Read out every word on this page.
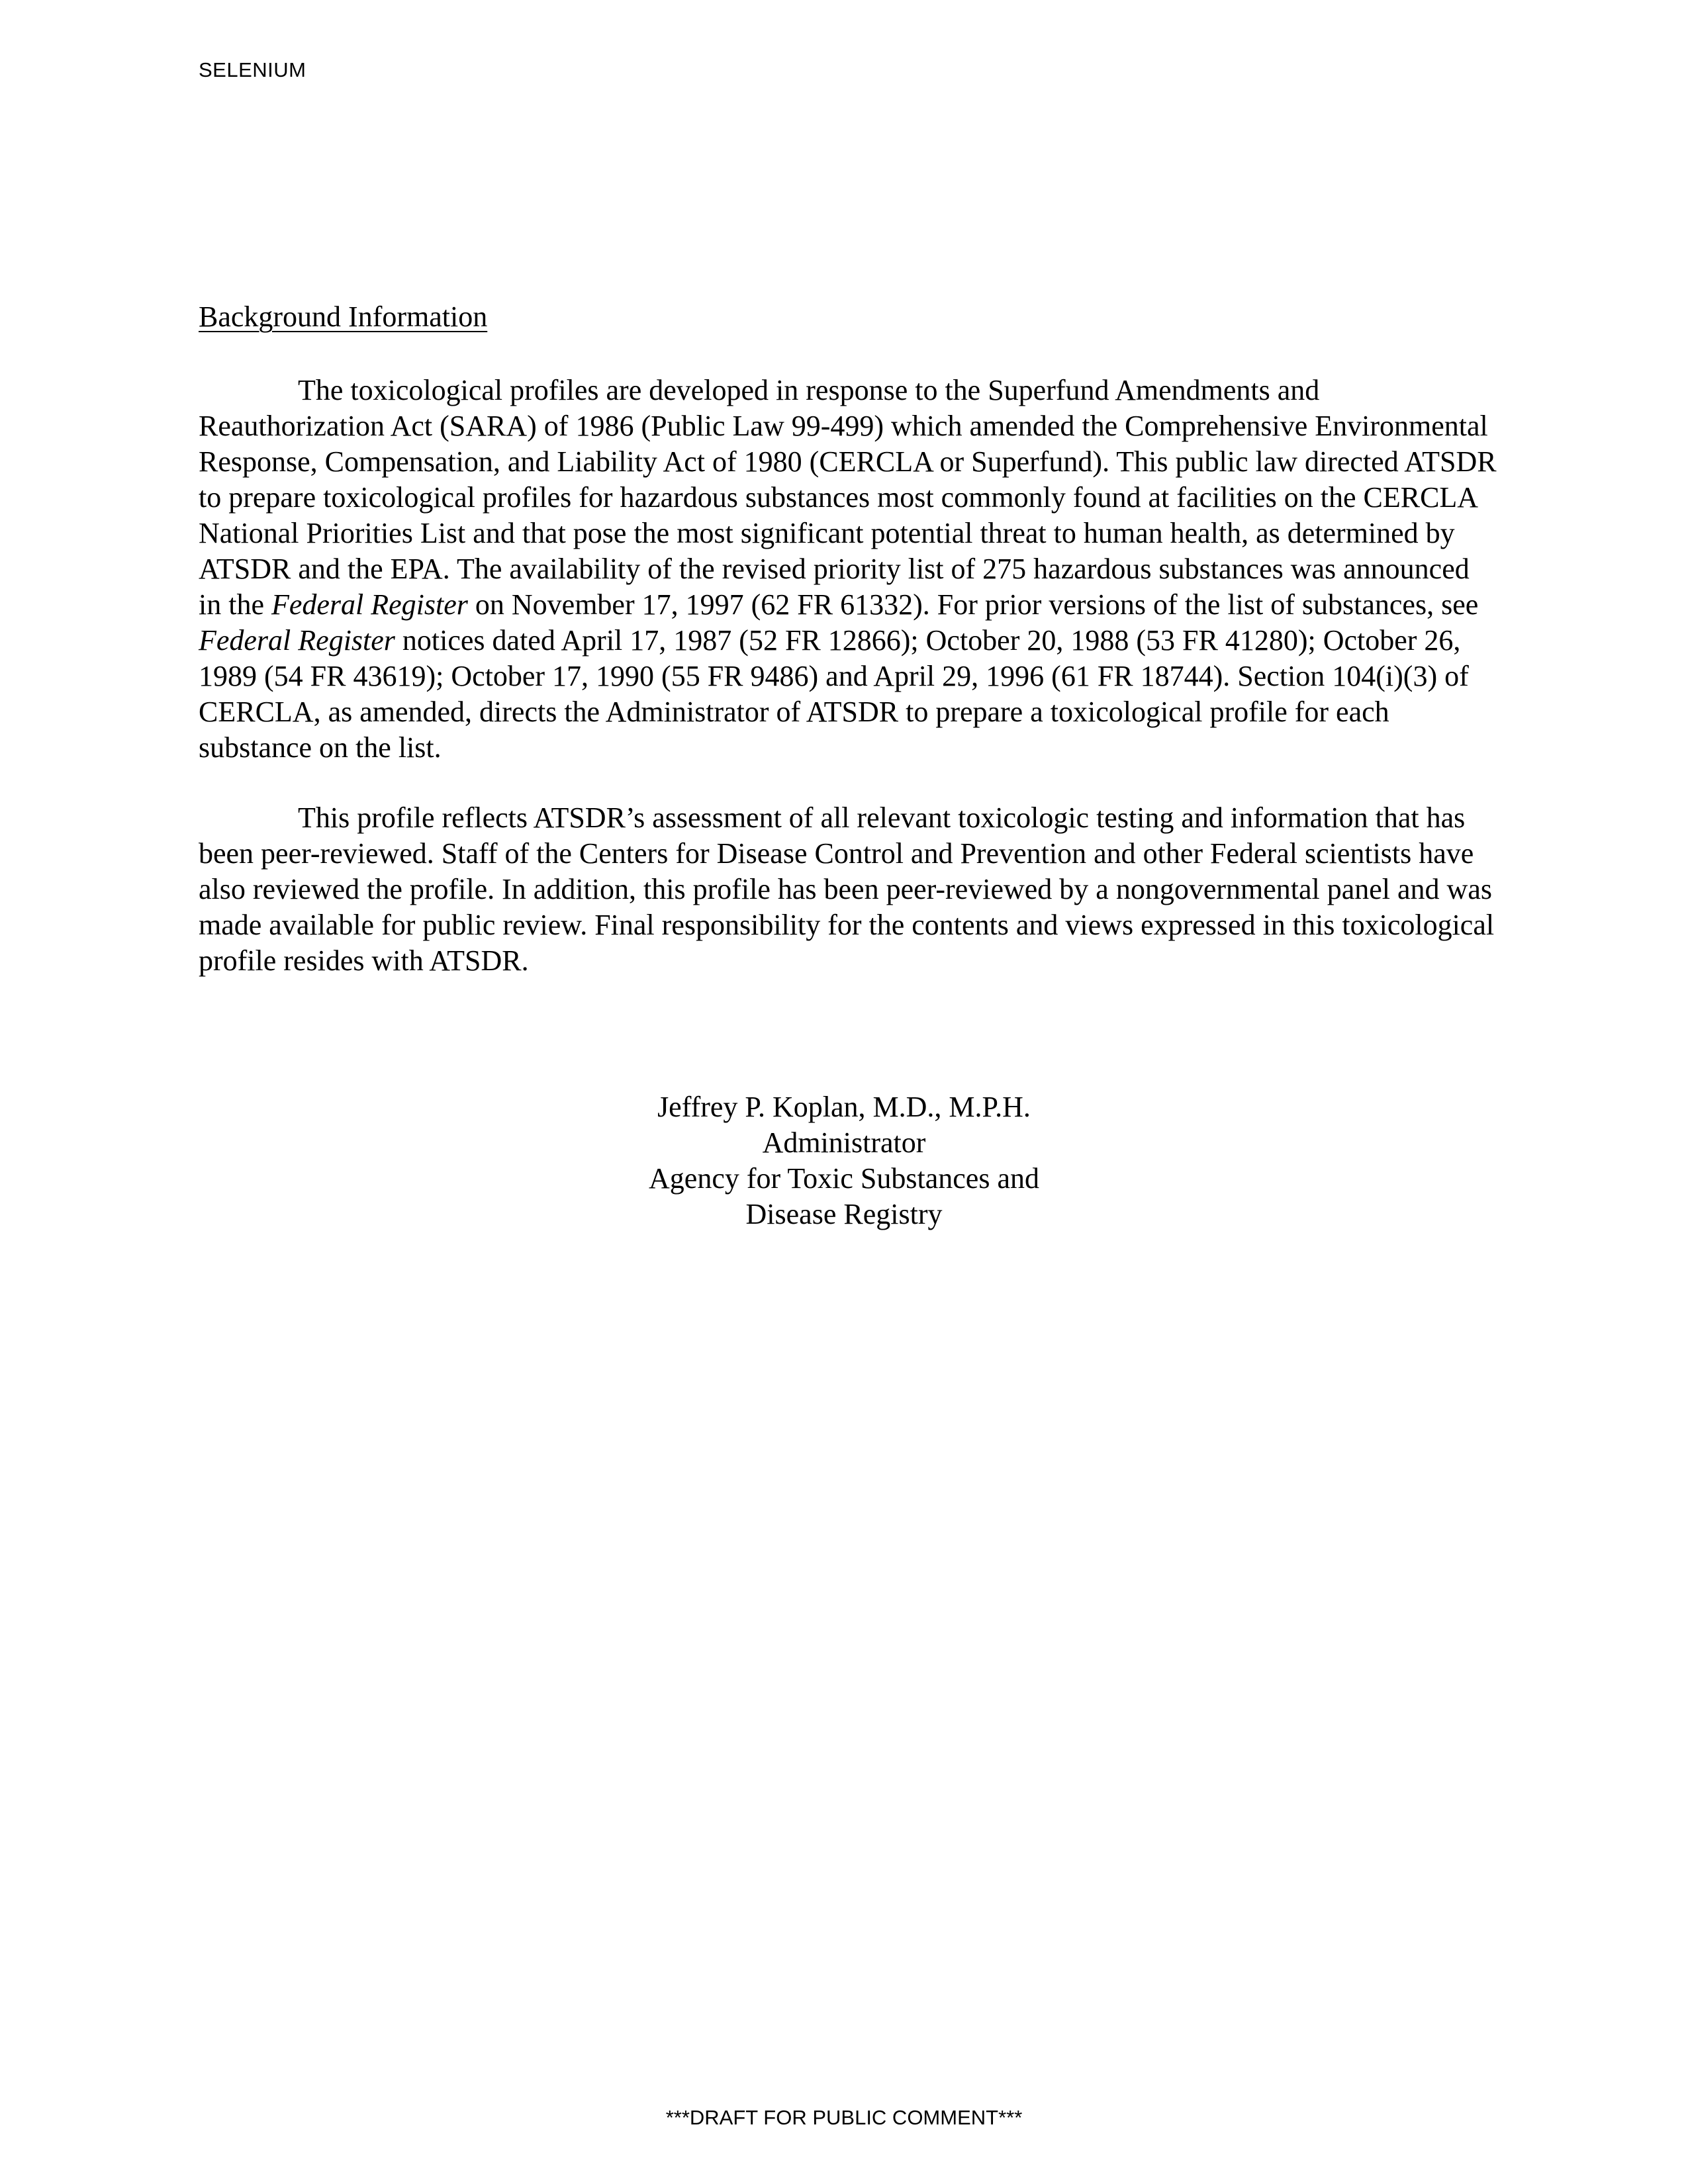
SELENIUM

Background Information

The toxicological profiles are developed in response to the Superfund Amendments and Reauthorization Act (SARA) of 1986 (Public Law 99-499) which amended the Comprehensive Environmental Response, Compensation, and Liability Act of 1980 (CERCLA or Superfund). This public law directed ATSDR to prepare toxicological profiles for hazardous substances most commonly found at facilities on the CERCLA National Priorities List and that pose the most significant potential threat to human health, as determined by ATSDR and the EPA. The availability of the revised priority list of 275 hazardous substances was announced in the Federal Register on November 17, 1997 (62 FR 61332). For prior versions of the list of substances, see Federal Register notices dated April 17, 1987 (52 FR 12866); October 20, 1988 (53 FR 41280); October 26, 1989 (54 FR 43619); October 17, 1990 (55 FR 9486) and April 29, 1996 (61 FR 18744). Section 104(i)(3) of CERCLA, as amended, directs the Administrator of ATSDR to prepare a toxicological profile for each substance on the list.

This profile reflects ATSDR’s assessment of all relevant toxicologic testing and information that has been peer-reviewed. Staff of the Centers for Disease Control and Prevention and other Federal scientists have also reviewed the profile. In addition, this profile has been peer-reviewed by a nongovernmental panel and was made available for public review. Final responsibility for the contents and views expressed in this toxicological profile resides with ATSDR.

Jeffrey P. Koplan, M.D., M.P.H.
Administrator
Agency for Toxic Substances and
Disease Registry

***DRAFT FOR PUBLIC COMMENT***
